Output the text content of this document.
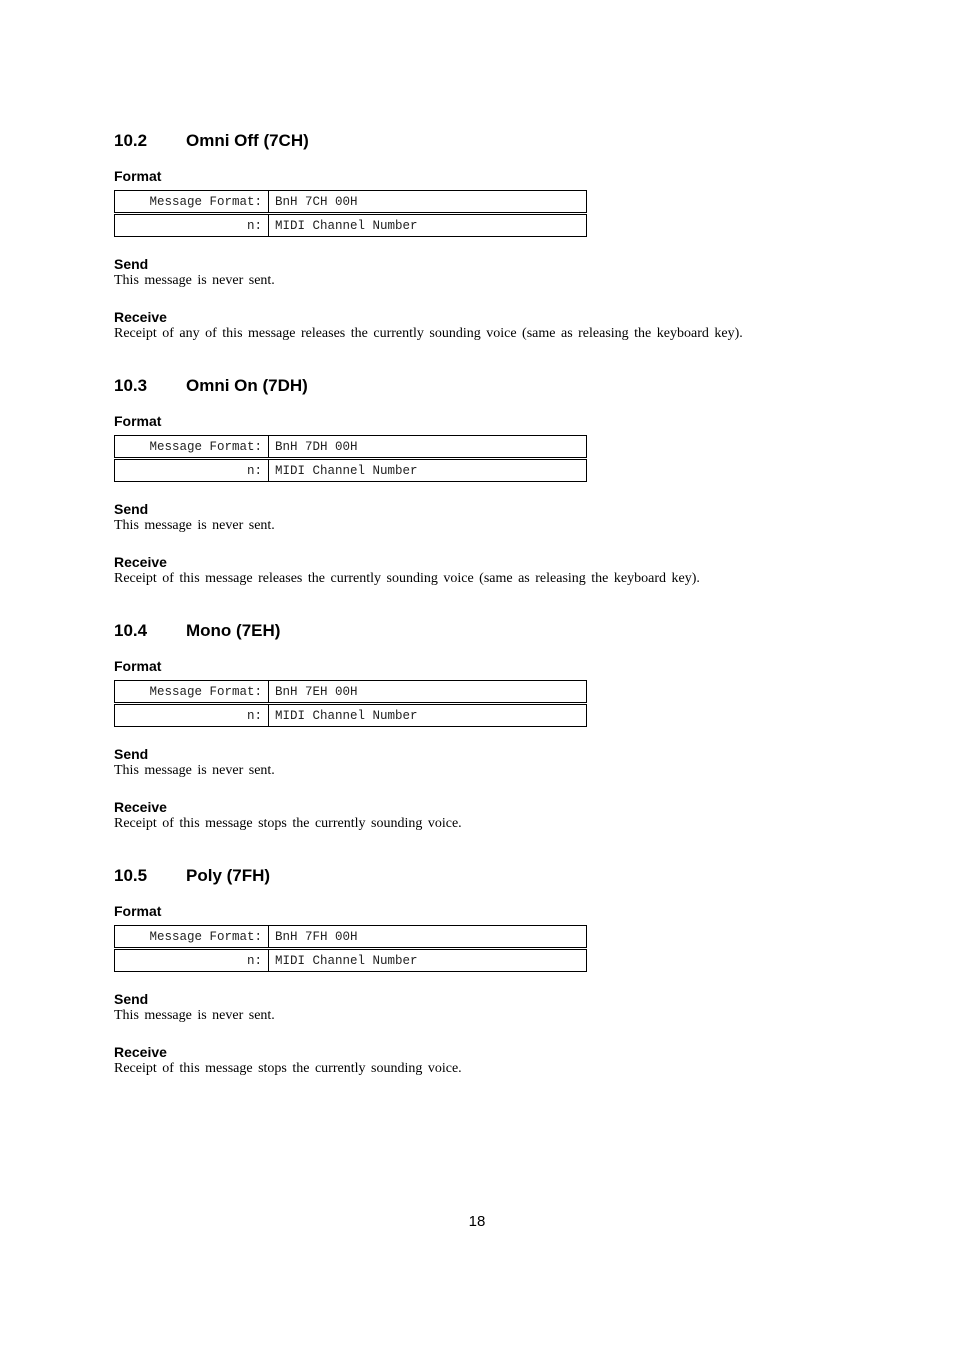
10.2 Omni Off (7CH)
Format
Message Format:	BnH 7CH 00H
n:	MIDI Channel Number
Send
This message is never sent.
Receive
Receipt of any of this message releases the currently sounding voice (same as releasing the keyboard key).
10.3 Omni On (7DH)
Format
Message Format:	BnH 7DH 00H
n:	MIDI Channel Number
Send
This message is never sent.
Receive
Receipt of this message releases the currently sounding voice (same as releasing the keyboard key).
10.4 Mono (7EH)
Format
Message Format:	BnH 7EH 00H
n:	MIDI Channel Number
Send
This message is never sent.
Receive
Receipt of this message stops the currently sounding voice.
10.5 Poly (7FH)
Format
Message Format:	BnH 7FH 00H
n:	MIDI Channel Number
Send
This message is never sent.
Receive
Receipt of this message stops the currently sounding voice.
18
